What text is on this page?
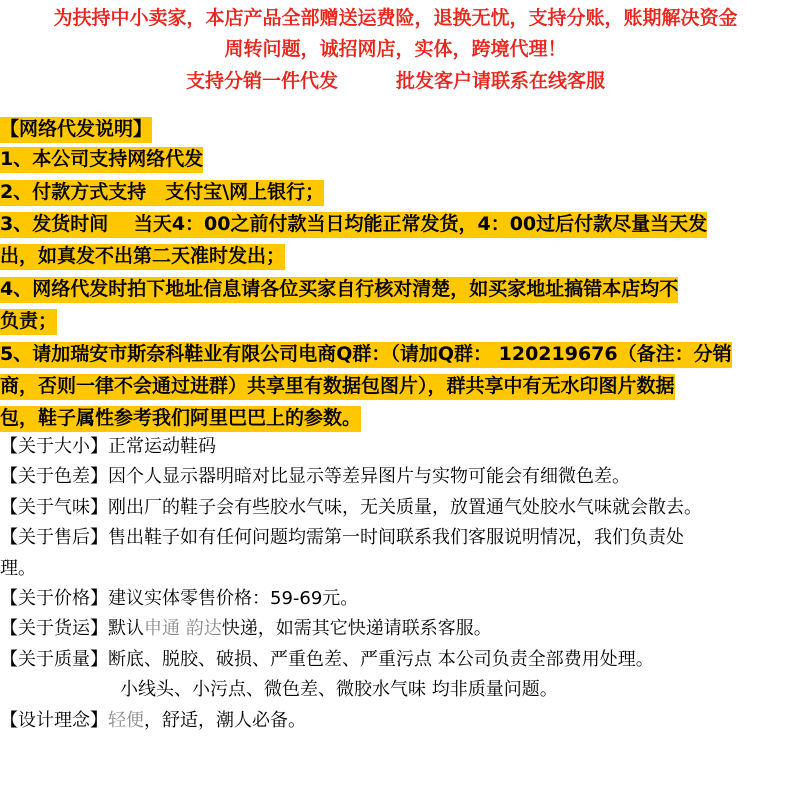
为扶持中小卖家，本店产品全部赠送运费险，退换无忧，支持分账，账期解决资金
周转问题，诚招网店，实体，跨境代理！
支持分销一件代发	批发客户请联系在线客服
【网络代发说明】
1、本公司支持网络代发
2、付款方式支持　支付宝\网上银行；
3、发货时间　 当天4：00之前付款当日均能正常发货，4：00过后付款尽量当天发
出，如真发不出第二天准时发出；
4、网络代发时拍下地址信息请各位买家自行核对清楚，如买家地址搞错本店均不
负责；
5、请加瑞安市斯奈科鞋业有限公司电商Q群：（请加Q群： 120219676（备注：分销
商，否则一律不会通过进群）共享里有数据包图片），群共享中有无水印图片数据
包，鞋子属性参考我们阿里巴巴上的参数。
【关于大小】正常运动鞋码
【关于色差】因个人显示器明暗对比显示等差异图片与实物可能会有细微色差。
【关于气味】刚出厂的鞋子会有些胶水气味，无关质量，放置通气处胶水气味就会散去。
【关于售后】售出鞋子如有任何问题均需第一时间联系我们客服说明情况，我们负责处
理。
【关于价格】建议实体零售价格：59-69元。
【关于货运】默认申通 韵达快递，如需其它快递请联系客服。
【关于质量】断底、脱胶、破损、严重色差、严重污点 本公司负责全部费用处理。
小线头、小污点、微色差、微胶水气味 均非质量问题。
【设计理念】轻便，舒适，潮人必备。
